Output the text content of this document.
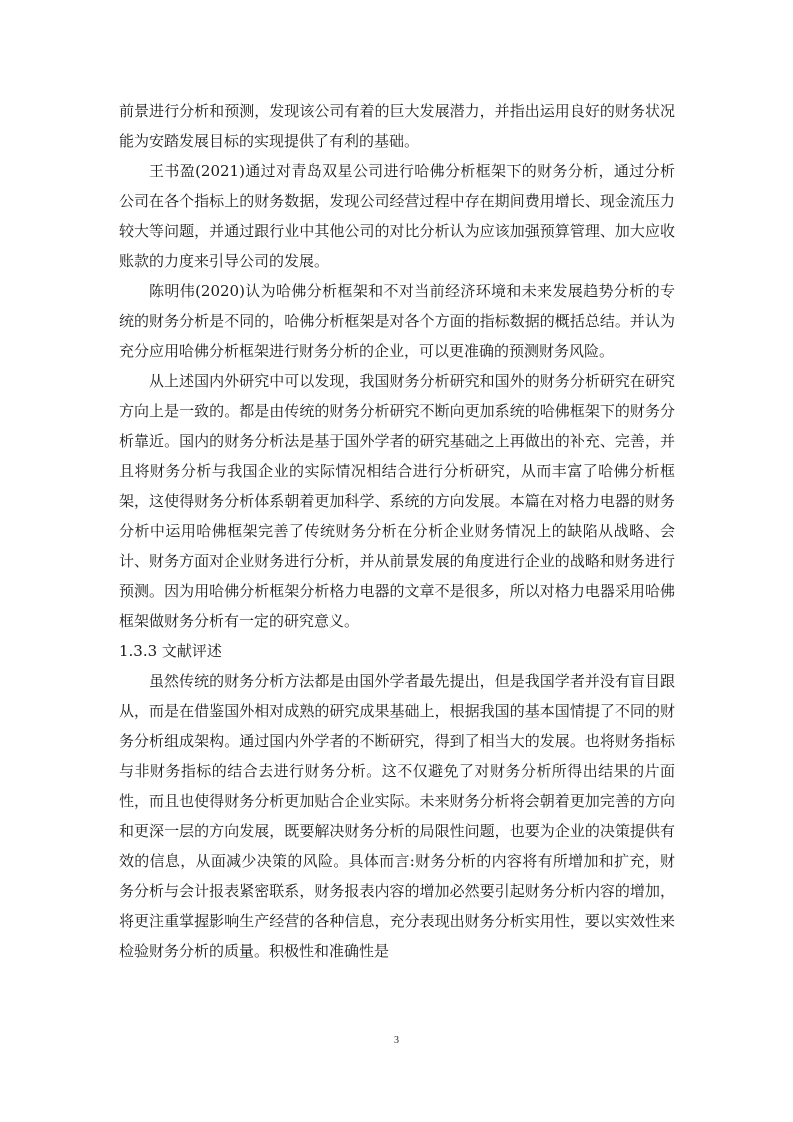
前景进行分析和预测，发现该公司有着的巨大发展潜力，并指出运用良好的财务状况能为安踏发展目标的实现提供了有利的基础。

王书盈(2021)通过对青岛双星公司进行哈佛分析框架下的财务分析，通过分析公司在各个指标上的财务数据，发现公司经营过程中存在期间费用增长、现金流压力较大等问题，并通过跟行业中其他公司的对比分析认为应该加强预算管理、加大应收账款的力度来引导公司的发展。

陈明伟(2020)认为哈佛分析框架和不对当前经济环境和未来发展趋势分析的专统的财务分析是不同的，哈佛分析框架是对各个方面的指标数据的概括总结。并认为充分应用哈佛分析框架进行财务分析的企业，可以更准确的预测财务风险。

从上述国内外研究中可以发现，我国财务分析研究和国外的财务分析研究在研究方向上是一致的。都是由传统的财务分析研究不断向更加系统的哈佛框架下的财务分析靠近。国内的财务分析法是基于国外学者的研究基础之上再做出的补充、完善，并且将财务分析与我国企业的实际情况相结合进行分析研究，从而丰富了哈佛分析框架，这使得财务分析体系朝着更加科学、系统的方向发展。本篇在对格力电器的财务分析中运用哈佛框架完善了传统财务分析在分析企业财务情况上的缺陷从战略、会计、财务方面对企业财务进行分析，并从前景发展的角度进行企业的战略和财务进行预测。因为用哈佛分析框架分析格力电器的文章不是很多，所以对格力电器采用哈佛框架做财务分析有一定的研究意义。

1.3.3 文献评述

虽然传统的财务分析方法都是由国外学者最先提出，但是我国学者并没有盲目跟从，而是在借鉴国外相对成熟的研究成果基础上，根据我国的基本国情提了不同的财务分析组成架构。通过国内外学者的不断研究，得到了相当大的发展。也将财务指标与非财务指标的结合去进行财务分析。这不仅避免了对财务分析所得出结果的片面性，而且也使得财务分析更加贴合企业实际。未来财务分析将会朝着更加完善的方向和更深一层的方向发展，既要解决财务分析的局限性问题，也要为企业的决策提供有效的信息，从面减少决策的风险。具体而言:财务分析的内容将有所增加和扩充，财务分析与会计报表紧密联系，财务报表内容的增加必然要引起财务分析内容的增加，将更注重掌握影响生产经营的各种信息，充分表现出财务分析实用性，要以实效性来检验财务分析的质量。积极性和准确性是

3
